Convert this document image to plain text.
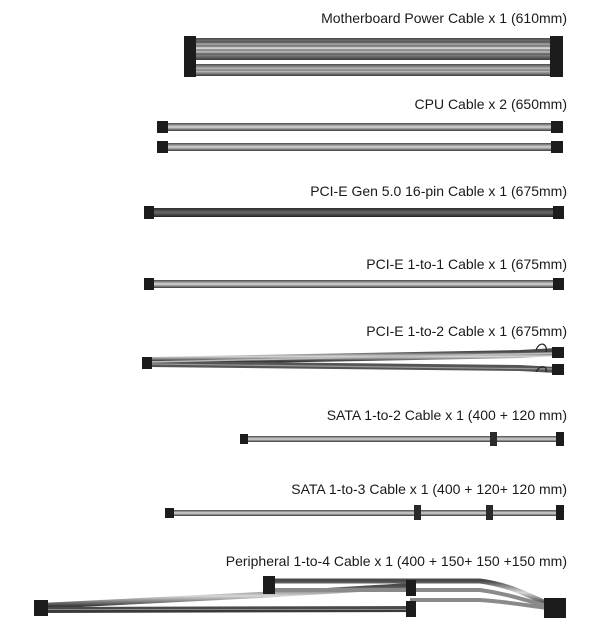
Motherboard Power Cable x 1 (610mm)
CPU Cable x 2 (650mm)
PCI-E Gen 5.0 16-pin Cable x 1 (675mm)
PCI-E 1-to-1 Cable x 1 (675mm)
PCI-E 1-to-2 Cable x 1 (675mm)
SATA 1-to-2 Cable x 1 (400 + 120 mm)
SATA 1-to-3 Cable x 1 (400 + 120+ 120 mm)
Peripheral 1-to-4 Cable x 1 (400 + 150+ 150 +150 mm)
